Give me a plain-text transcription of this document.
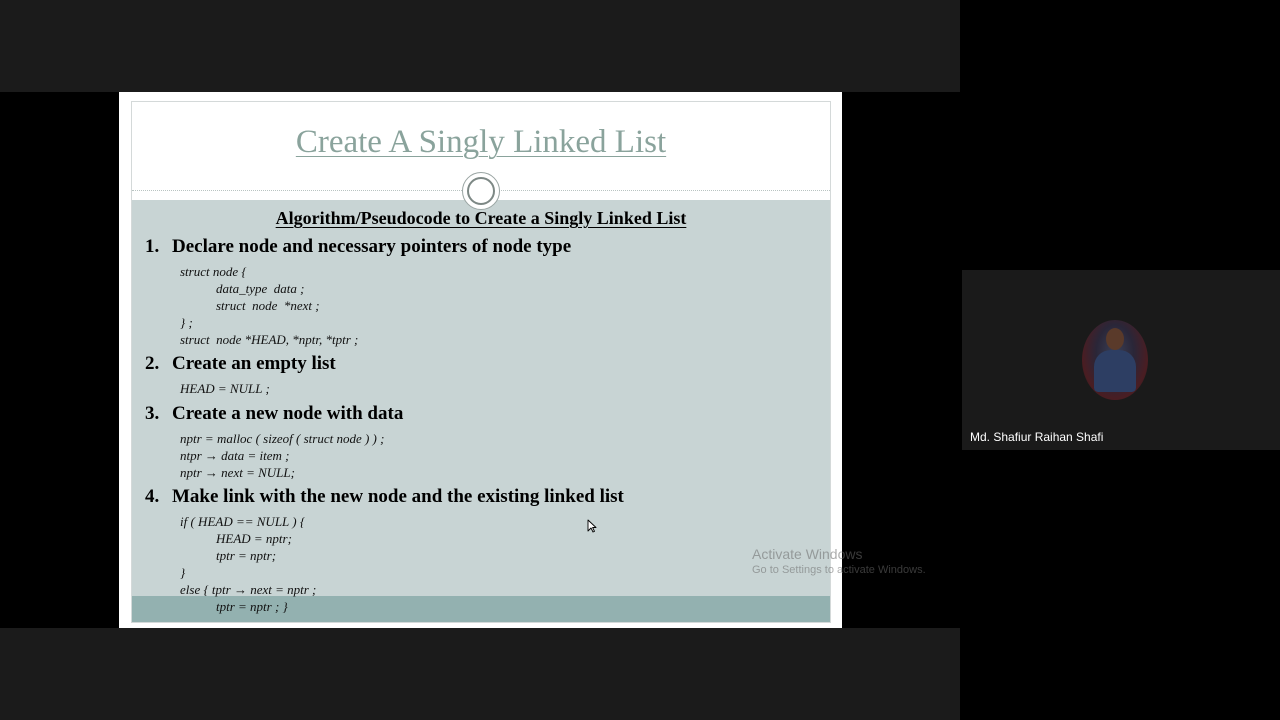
Create A Singly Linked List
Algorithm/Pseudocode to Create a Singly Linked List
1. Declare node and necessary pointers of node type
struct node {
data_type  data ;
struct  node  *next ;
} ;
struct  node *HEAD, *nptr, *tptr ;
2. Create an empty list
HEAD = NULL ;
3. Create a new node with data
nptr = malloc ( sizeof ( struct node ) ) ;
ntpr → data = item ;
nptr → next = NULL;
4. Make link with the new node and the existing linked list
if ( HEAD == NULL ) {
HEAD = nptr;
tptr = nptr;
}
else { tptr → next = nptr ;
tptr = nptr ; }
Activate Windows
Go to Settings to activate Windows.
Md. Shafiur Raihan Shafi
